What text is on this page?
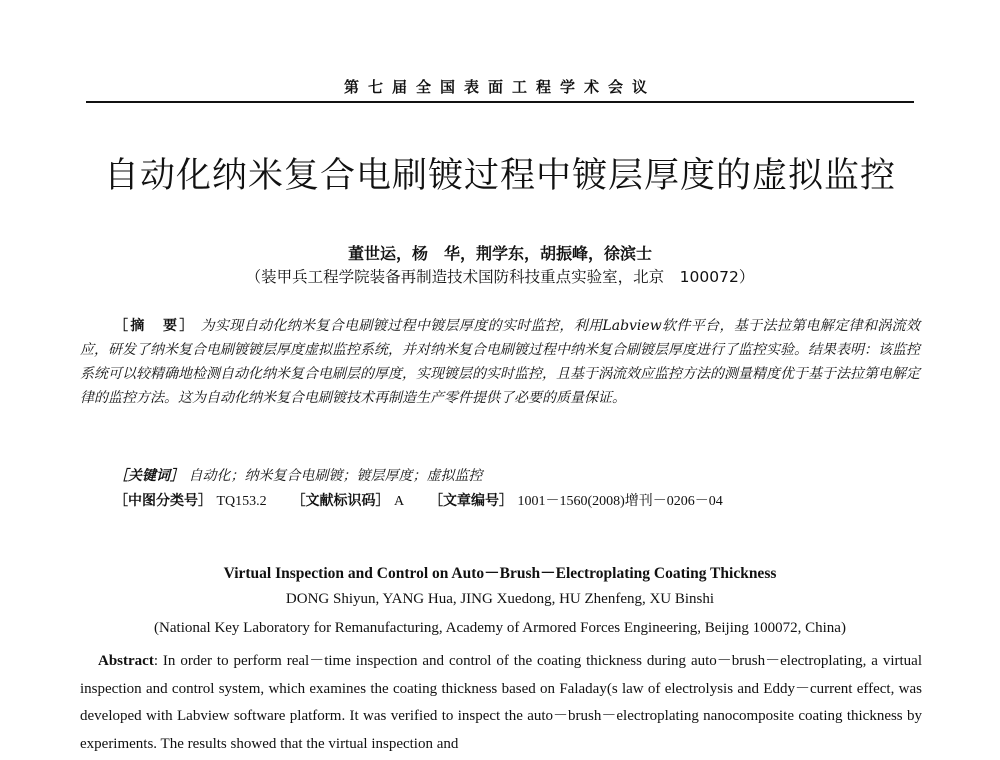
第七届全国表面工程学术会议
自动化纳米复合电刷镀过程中镀层厚度的虚拟监控
董世运，杨　华，荆学东，胡振峰，徐滨士
（装甲兵工程学院装备再制造技术国防科技重点实验室，北京　100072）
［摘　要］ 为实现自动化纳米复合电刷镀过程中镀层厚度的实时监控，利用Labview软件平台，基于法拉第电解定律和涡流效应，研发了纳米复合电刷镀镀层厚度虚拟监控系统，并对纳米复合电刷镀过程中纳米复合刷镀层厚度进行了监控实验。结果表明：该监控系统可以较精确地检测自动化纳米复合电刷层的厚度，实现镀层的实时监控，且基于涡流效应监控方法的测量精度优于基于法拉第电解定律的监控方法。这为自动化纳米复合电刷镀技术再制造生产零件提供了必要的质量保证。
［关键词］ 自动化；纳米复合电刷镀；镀层厚度；虚拟监控
［中图分类号］ TQ153.2 ［文献标识码］ A ［文章编号］ 1001－1560(2008)增刊－0206－04
Virtual Inspection and Control on Auto－Brush－Electroplating Coating Thickness
DONG Shiyun, YANG Hua, JING Xuedong, HU Zhenfeng, XU Binshi
(National Key Laboratory for Remanufacturing, Academy of Armored Forces Engineering, Beijing 100072, China)
Abstract: In order to perform real－time inspection and control of the coating thickness during auto－brush－electroplating, a virtual inspection and control system, which examines the coating thickness based on Faladay(s law of electrolysis and Eddy－current effect, was developed with Labview software platform. It was verified to inspect the auto－brush－electroplating nanocomposite coating thickness by experiments. The results showed that the virtual inspection and
